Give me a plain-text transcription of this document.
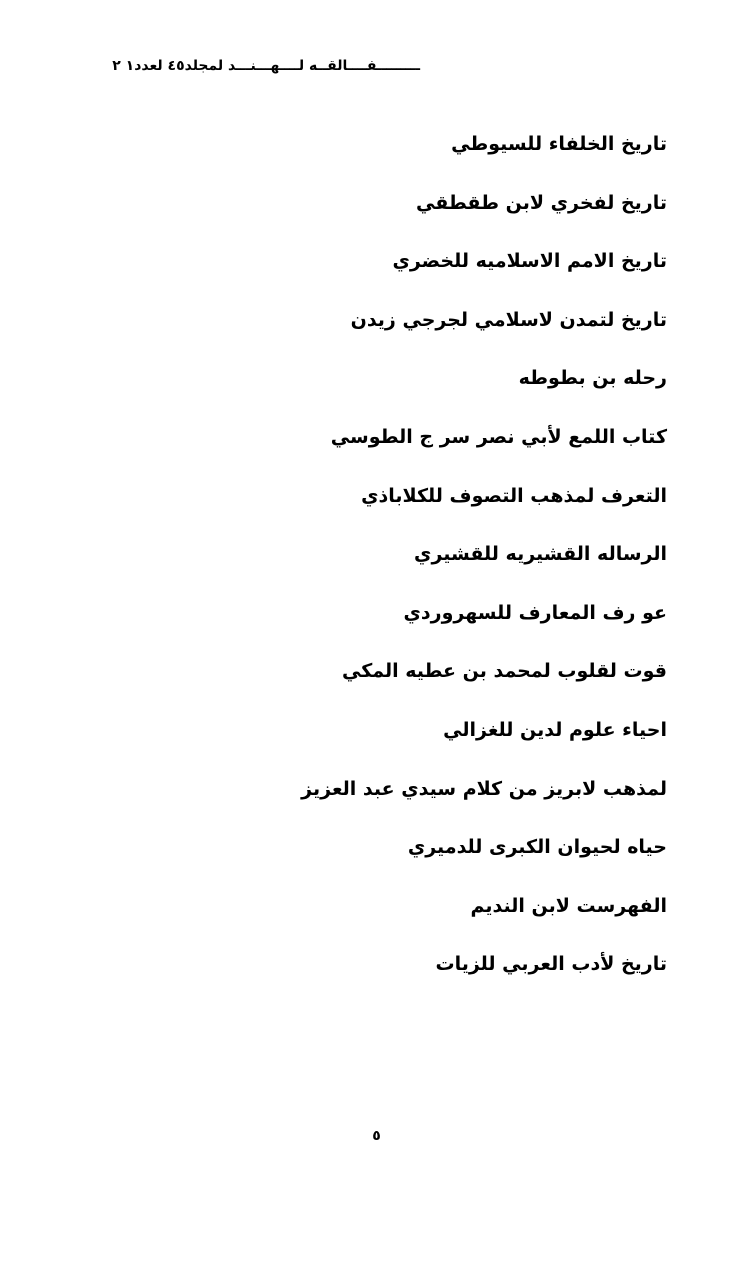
ـــــــــفــــالقــه لــــهـــنـــد لمجلد٤٥ لعدد١ ٢
تاريخ الخلفاء للسيوطي
تاريخ لفخري لابن طقطقي
تاريخ الامم الاسلاميه للخضري
تاريخ لتمدن لاسلامي لجرجي زيدن
رحله بن بطوطه
كتاب اللمع لأبي نصر سر ج الطوسي
التعرف لمذهب التصوف للكلاباذي
الرساله القشيريه للقشيري
عو رف المعارف للسهروردي
قوت لقلوب لمحمد بن عطيه المكي
احياء علوم لدين للغزالي
لمذهب لابريز من كلام سيدي عبد العزيز
حياه لحيوان الكبرى للدميري
الفهرست لابن النديم
تاريخ لأدب العربي للزيات
٥
